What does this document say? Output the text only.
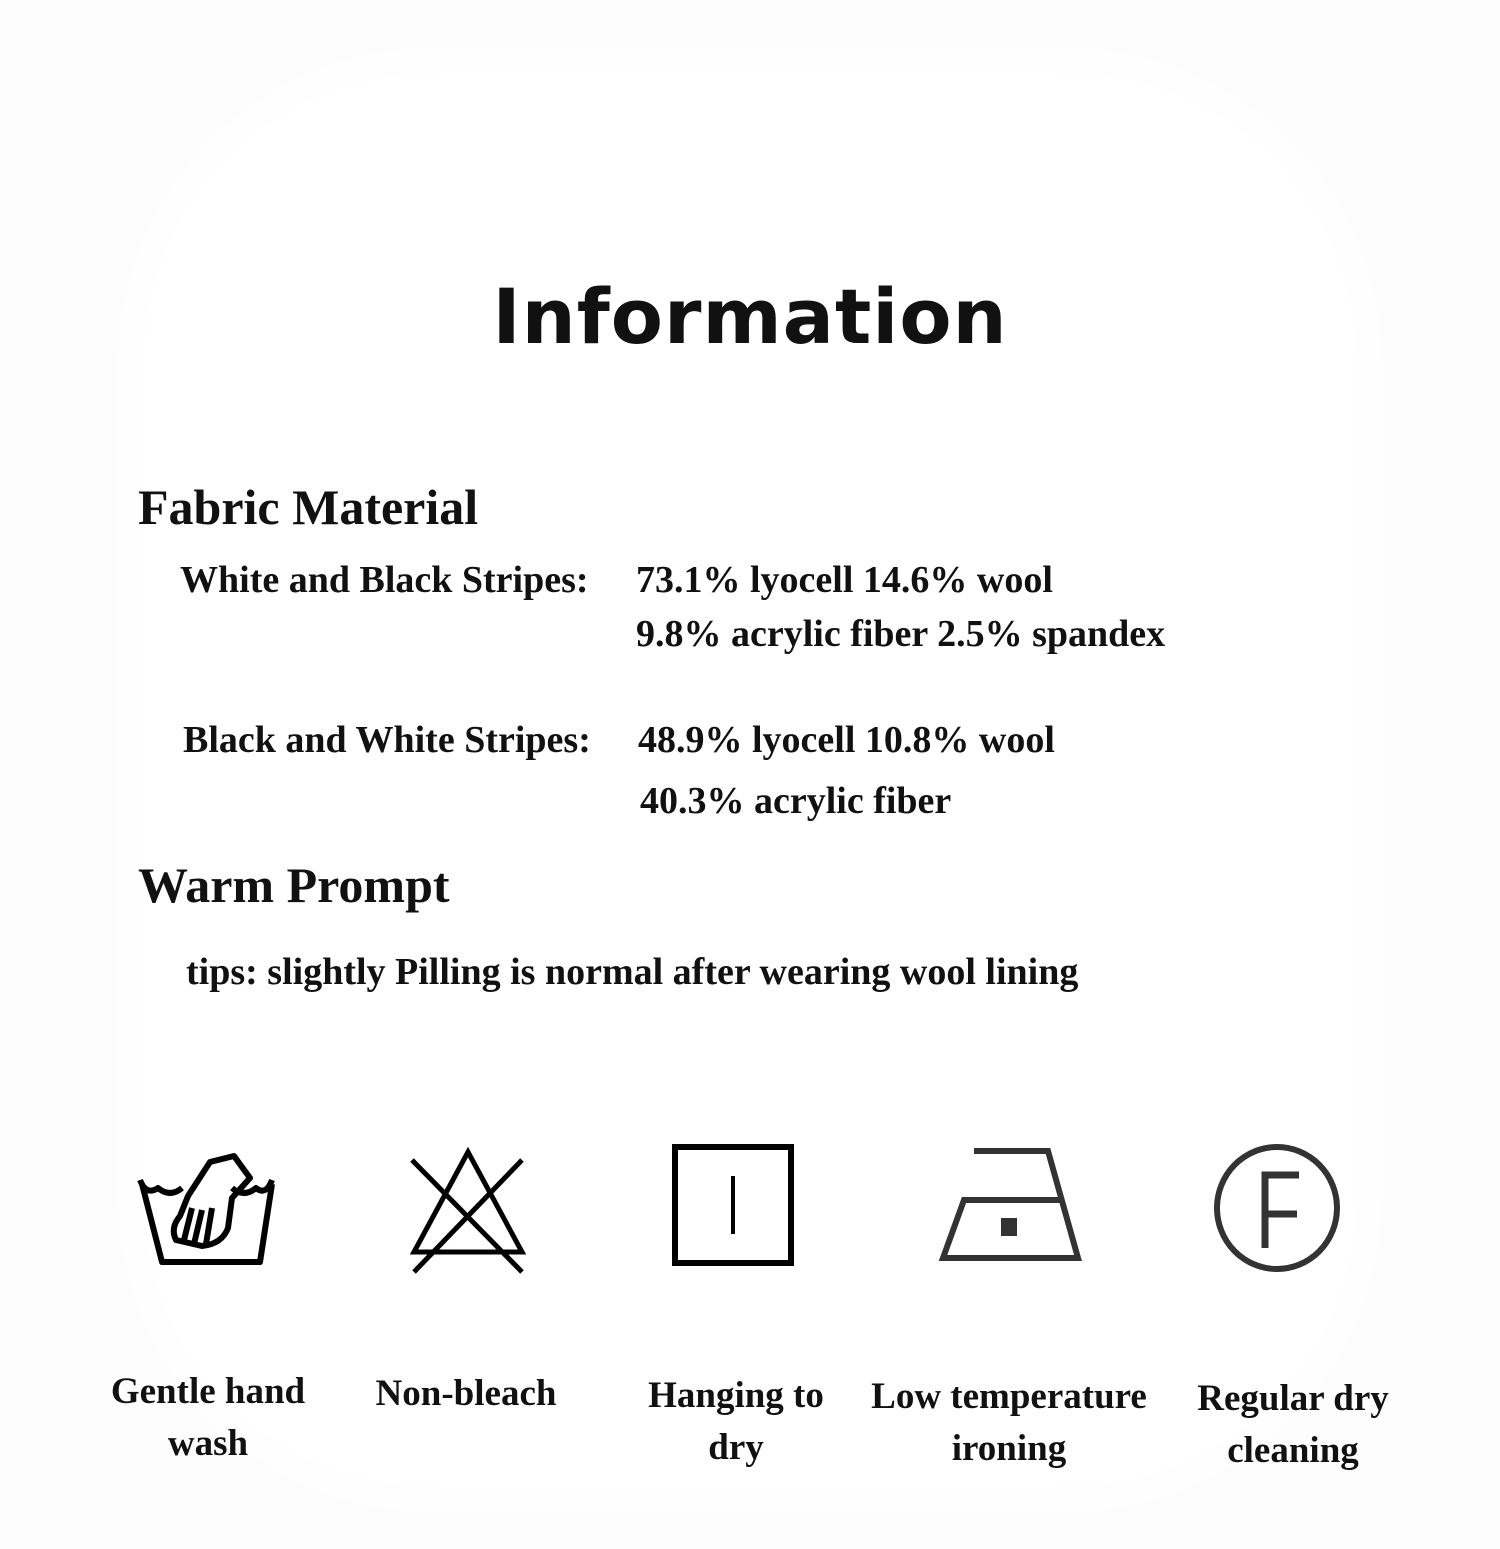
Information
Fabric Material
White and Black Stripes: 73.1% lyocell 14.6% wool
9.8% acrylic fiber 2.5% spandex
Black and White Stripes: 48.9% lyocell 10.8% wool
40.3% acrylic fiber
Warm Prompt
tips: slightly Pilling is normal after wearing wool lining
Gentle hand
wash
Non-bleach	Hanging to
dry
Low temperature
ironing
Regular dry
cleaning
